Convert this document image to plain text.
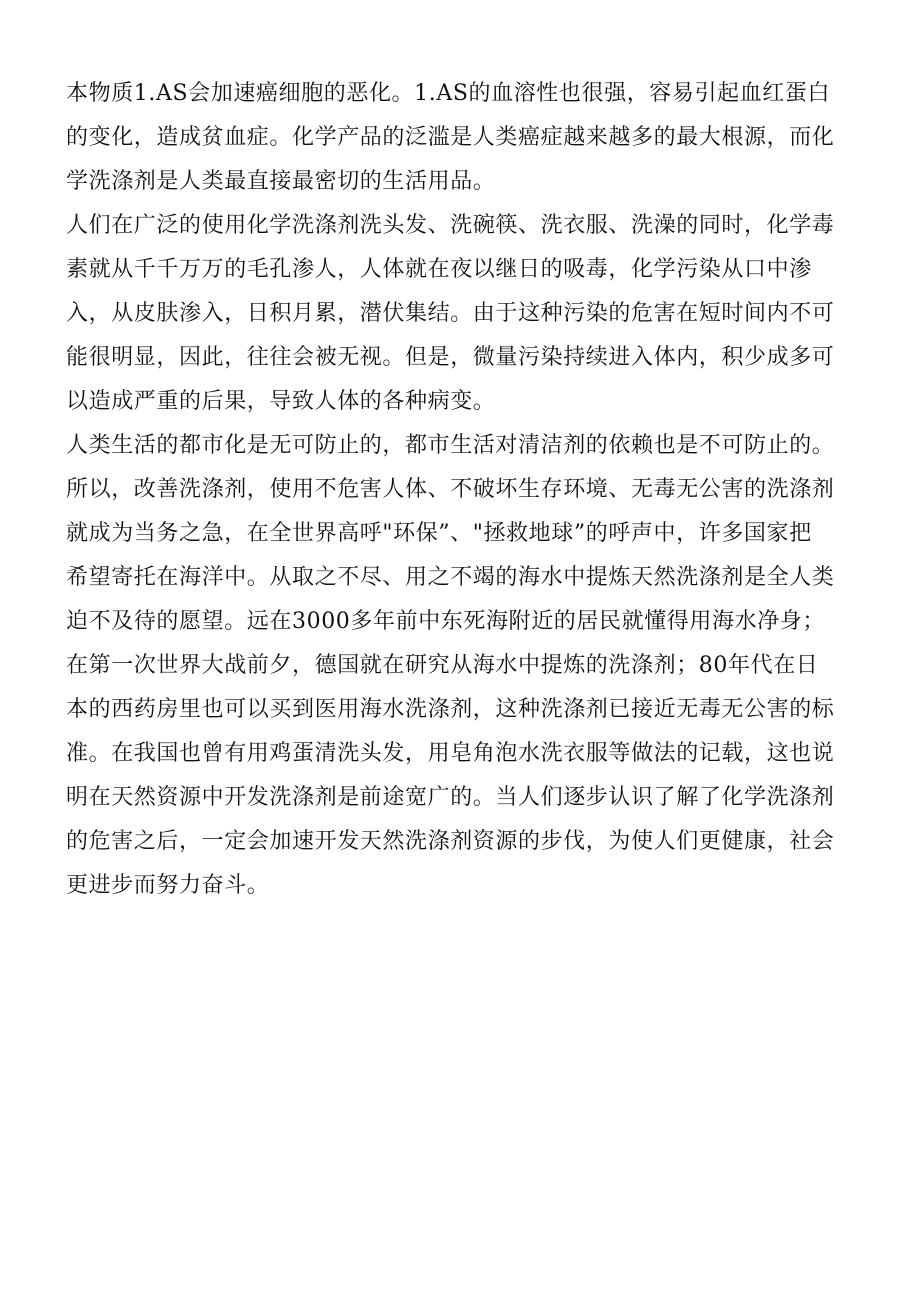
本物质1.AS会加速癌细胞的恶化。1.AS的血溶性也很强，容易引起血红蛋白
的变化，造成贫血症。化学产品的泛滥是人类癌症越来越多的最大根源，而化
学洗涤剂是人类最直接最密切的生活用品。
人们在广泛的使用化学洗涤剂洗头发、洗碗筷、洗衣服、洗澡的同时，化学毒
素就从千千万万的毛孔渗人，人体就在夜以继日的吸毒，化学污染从口中渗
入，从皮肤渗入，日积月累，潜伏集结。由于这种污染的危害在短时间内不可
能很明显，因此，往往会被无视。但是，微量污染持续进入体内，积少成多可
以造成严重的后果，导致人体的各种病变。
人类生活的都市化是无可防止的，都市生活对清洁剂的依赖也是不可防止的。
所以，改善洗涤剂，使用不危害人体、不破坏生存环境、无毒无公害的洗涤剂
就成为当务之急，在全世界高呼"环保”、"拯救地球”的呼声中，许多国家把
希望寄托在海洋中。从取之不尽、用之不竭的海水中提炼天然洗涤剂是全人类
迫不及待的愿望。远在3000多年前中东死海附近的居民就懂得用海水净身；
在第一次世界大战前夕，德国就在研究从海水中提炼的洗涤剂；80年代在日
本的西药房里也可以买到医用海水洗涤剂，这种洗涤剂已接近无毒无公害的标
准。在我国也曾有用鸡蛋清洗头发，用皂角泡水洗衣服等做法的记载，这也说
明在天然资源中开发洗涤剂是前途宽广的。当人们逐步认识了解了化学洗涤剂
的危害之后，一定会加速开发天然洗涤剂资源的步伐，为使人们更健康，社会
更进步而努力奋斗。
